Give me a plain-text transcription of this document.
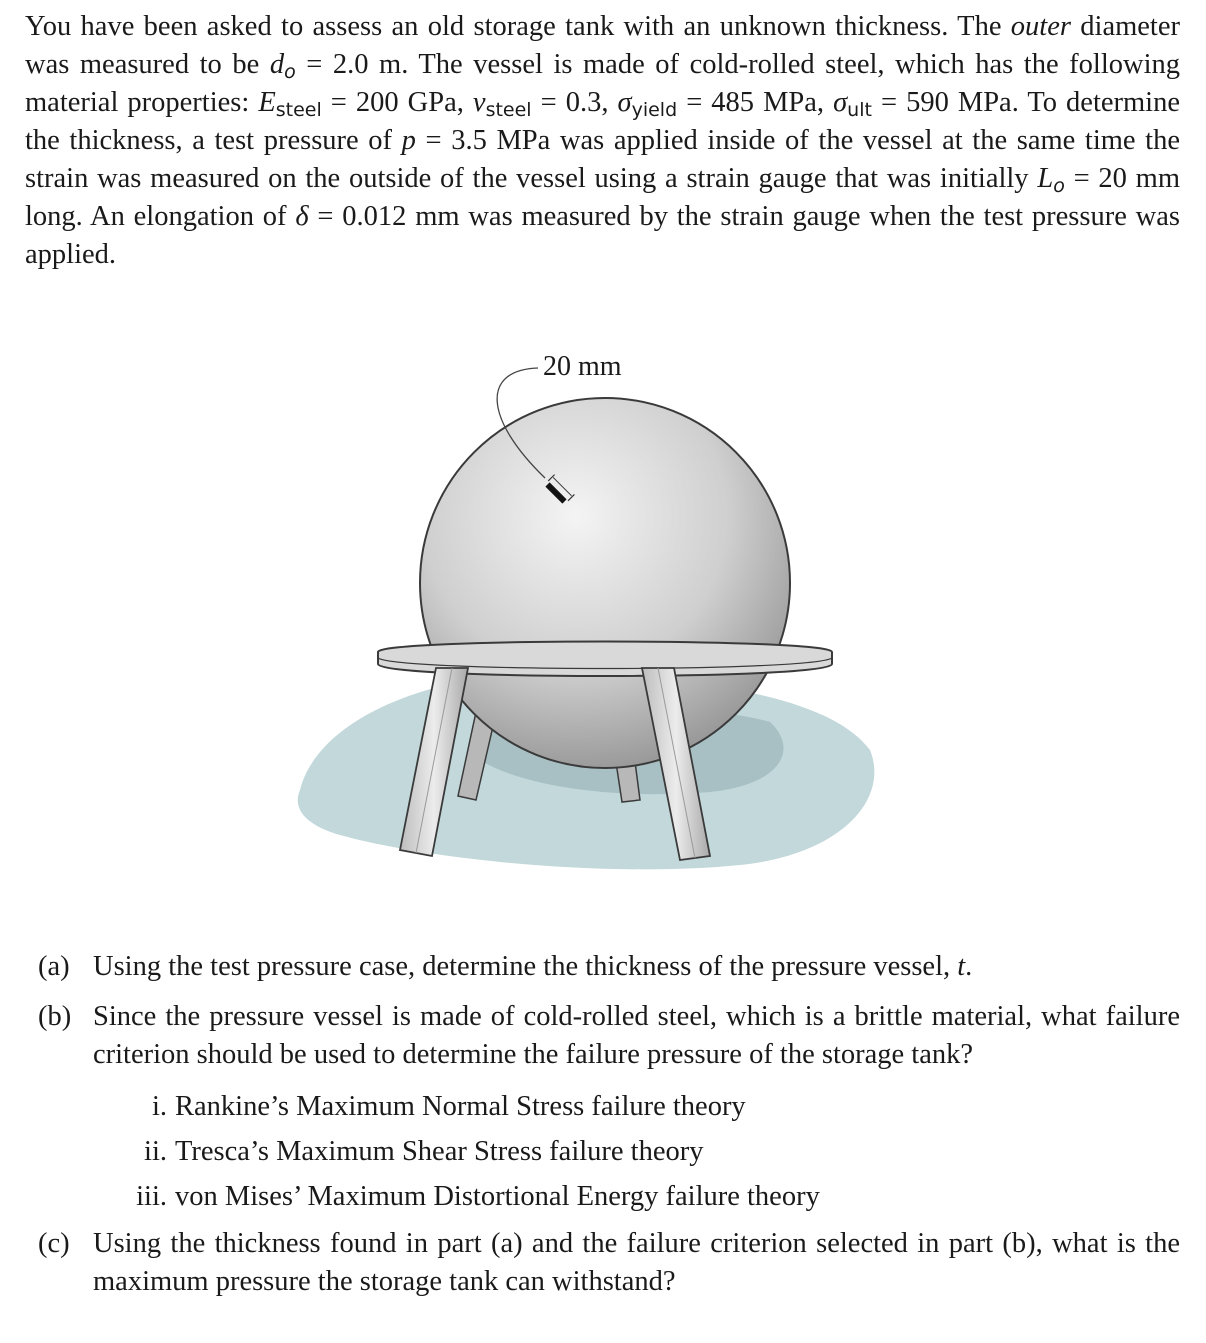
You have been asked to assess an old storage tank with an unknown thickness. The outer diameter was measured to be $d_o = 2.0$ m. The vessel is made of cold-rolled steel, which has the following material properties: $E_{steel} = 200$ GPa, $\nu_{steel} = 0.3$, $\sigma_{yield} = 485$ MPa, $\sigma_{ult} = 590$ MPa. To determine the thickness, a test pressure of p = 3.5 MPa was applied inside of the vessel at the same time the strain was measured on the outside of the vessel using a strain gauge that was initially $L_o = 20$ mm long. An elongation of δ = 0.012 mm was measured by the strain gauge when the test pressure was applied.

20 mm
(a) Using the test pressure case, determine the thickness of the pressure vessel, t.
(b) Since the pressure vessel is made of cold-rolled steel, which is a brittle material, what failure criterion should be used to determine the failure pressure of the storage tank?
i. Rankine’s Maximum Normal Stress failure theory
ii. Tresca’s Maximum Shear Stress failure theory
iii. von Mises’ Maximum Distortional Energy failure theory
(c) Using the thickness found in part (a) and the failure criterion selected in part (b), what is the maximum pressure the storage tank can withstand?
